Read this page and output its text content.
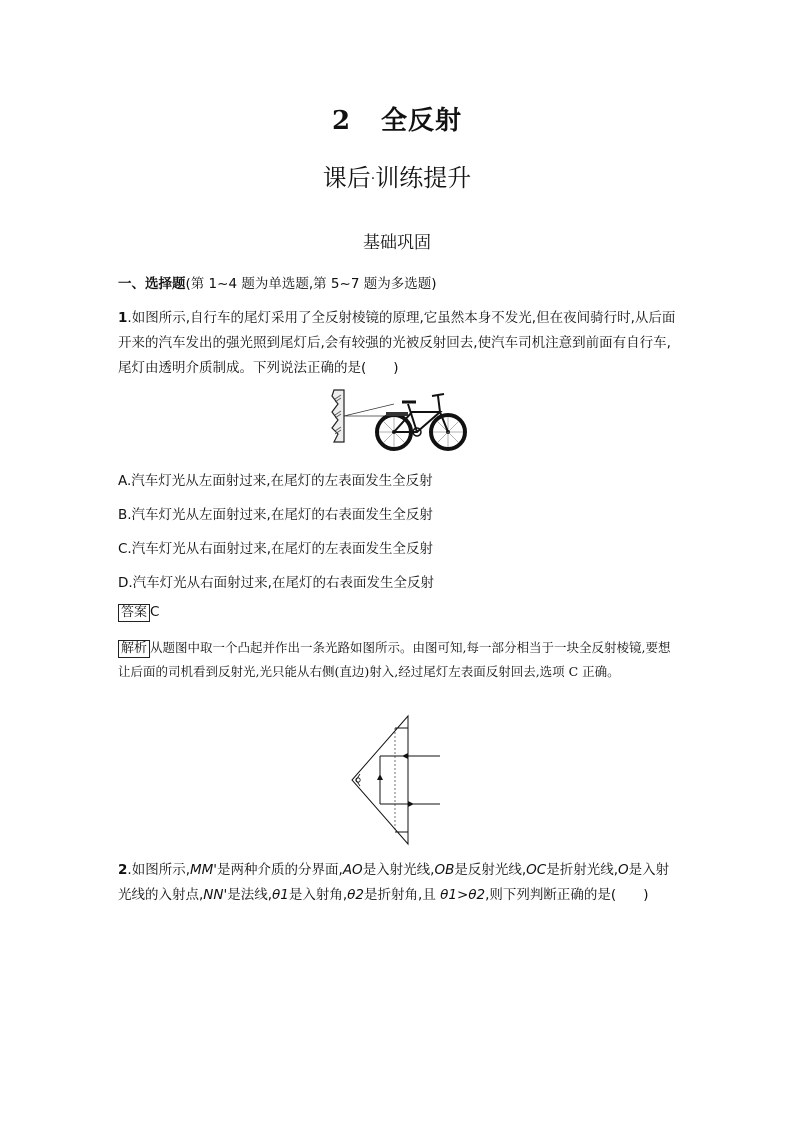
2 全反射
课后·训练提升
基础巩固
一、选择题(第 1~4 题为单选题,第 5~7 题为多选题)
1.如图所示,自行车的尾灯采用了全反射棱镜的原理,它虽然本身不发光,但在夜间骑行时,从后面开来的汽车发出的强光照到尾灯后,会有较强的光被反射回去,使汽车司机注意到前面有自行车,尾灯由透明介质制成。下列说法正确的是(　　)
A.汽车灯光从左面射过来,在尾灯的左表面发生全反射
B.汽车灯光从左面射过来,在尾灯的右表面发生全反射
C.汽车灯光从右面射过来,在尾灯的左表面发生全反射
D.汽车灯光从右面射过来,在尾灯的右表面发生全反射
答案 C
解析 从题图中取一个凸起并作出一条光路如图所示。由图可知,每一部分相当于一块全反射棱镜,要想让后面的司机看到反射光,光只能从右侧(直边)射入,经过尾灯左表面反射回去,选项 C 正确。
2.如图所示,MM'是两种介质的分界面,AO是入射光线,OB是反射光线,OC是折射光线,O是入射光线的入射点,NN'是法线,θ1是入射角,θ2是折射角,且 θ1>θ2,则下列判断正确的是(　　)
